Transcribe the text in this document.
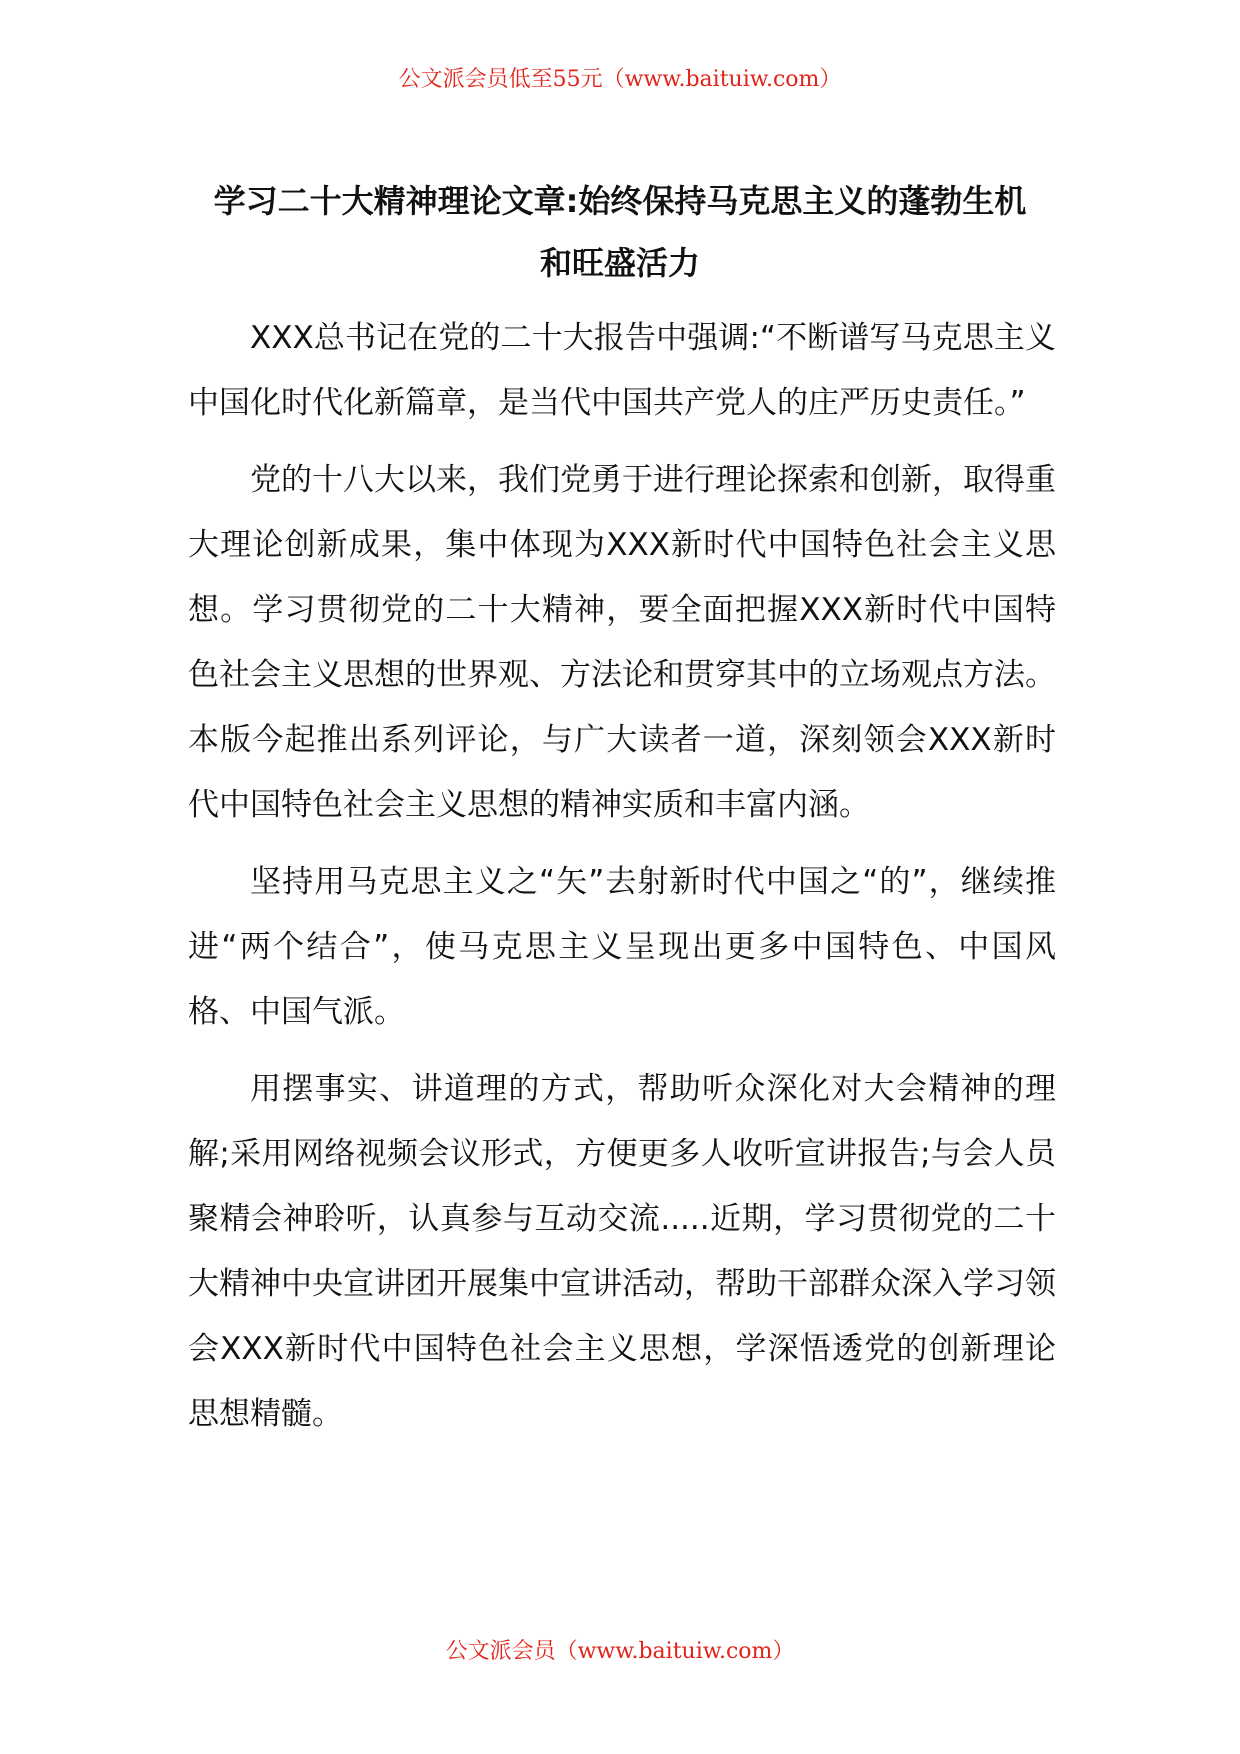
公文派会员低至55元（www.baituiw.com）
学习二十大精神理论文章:始终保持马克思主义的蓬勃生机
和旺盛活力

XXX总书记在党的二十大报告中强调:“不断谱写马克思主义中国化时代化新篇章，是当代中国共产党人的庄严历史责任。”

党的十八大以来，我们党勇于进行理论探索和创新，取得重大理论创新成果，集中体现为XXX新时代中国特色社会主义思想。学习贯彻党的二十大精神，要全面把握XXX新时代中国特色社会主义思想的世界观、方法论和贯穿其中的立场观点方法。本版今起推出系列评论，与广大读者一道，深刻领会XXX新时代中国特色社会主义思想的精神实质和丰富内涵。

坚持用马克思主义之“矢”去射新时代中国之“的”，继续推进“两个结合”，使马克思主义呈现出更多中国特色、中国风格、中国气派。

用摆事实、讲道理的方式，帮助听众深化对大会精神的理解;采用网络视频会议形式，方便更多人收听宣讲报告;与会人员聚精会神聆听，认真参与互动交流.....近期，学习贯彻党的二十大精神中央宣讲团开展集中宣讲活动，帮助干部群众深入学习领会XXX新时代中国特色社会主义思想，学深悟透党的创新理论思想精髓。

公文派会员（www.baituiw.com）
